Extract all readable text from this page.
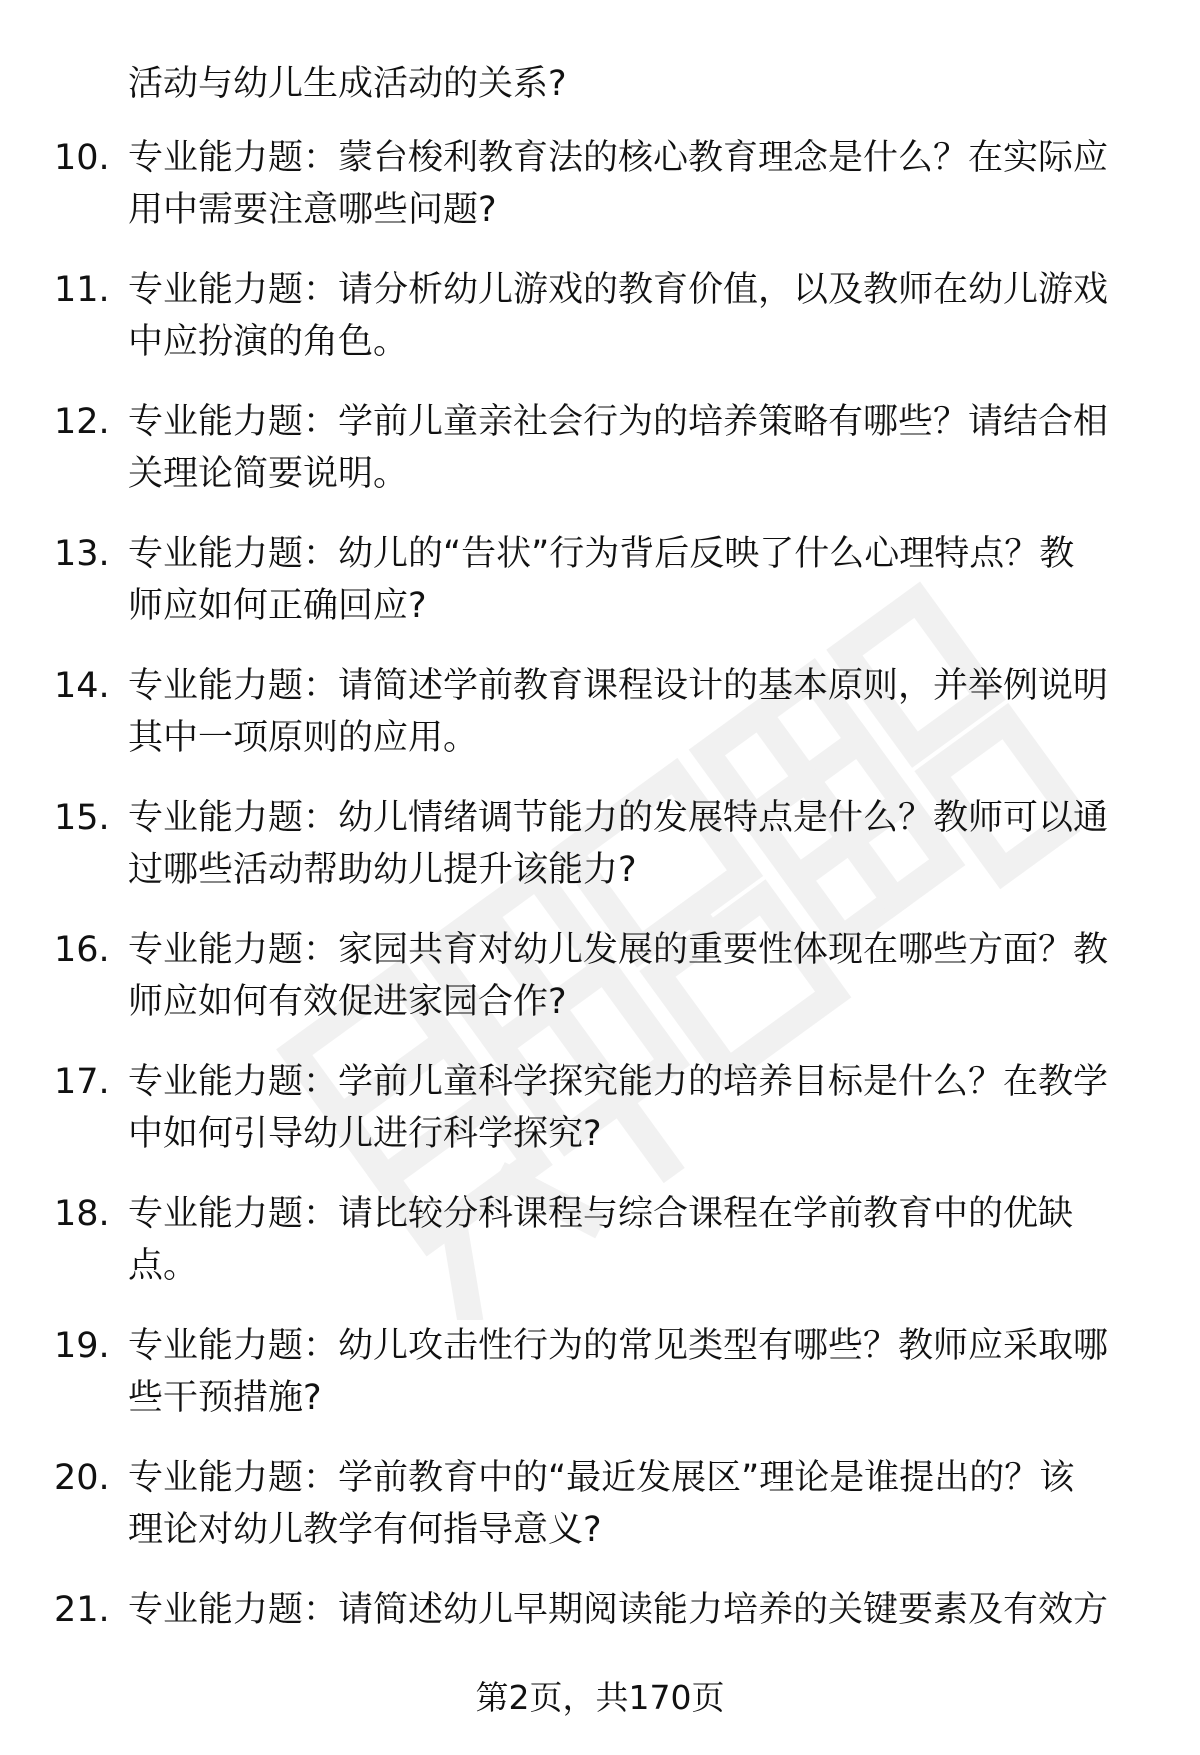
活动与幼儿生成活动的关系?
10. 专业能力题：蒙台梭利教育法的核心教育理念是什么？在实际应
用中需要注意哪些问题?
11. 专业能力题：请分析幼儿游戏的教育价值，以及教师在幼儿游戏
中应扮演的角色。
12. 专业能力题：学前儿童亲社会行为的培养策略有哪些？请结合相
关理论简要说明。
13. 专业能力题：幼儿的“告状”行为背后反映了什么心理特点？教
师应如何正确回应?
14. 专业能力题：请简述学前教育课程设计的基本原则，并举例说明
其中一项原则的应用。
15. 专业能力题：幼儿情绪调节能力的发展特点是什么？教师可以通
过哪些活动帮助幼儿提升该能力?
16. 专业能力题：家园共育对幼儿发展的重要性体现在哪些方面？教
师应如何有效促进家园合作?
17. 专业能力题：学前儿童科学探究能力的培养目标是什么？在教学
中如何引导幼儿进行科学探究?
18. 专业能力题：请比较分科课程与综合课程在学前教育中的优缺
点。
19. 专业能力题：幼儿攻击性行为的常见类型有哪些？教师应采取哪
些干预措施?
20. 专业能力题：学前教育中的“最近发展区”理论是谁提出的？该
理论对幼儿教学有何指导意义?
21. 专业能力题：请简述幼儿早期阅读能力培养的关键要素及有效方
第2页，共170页
